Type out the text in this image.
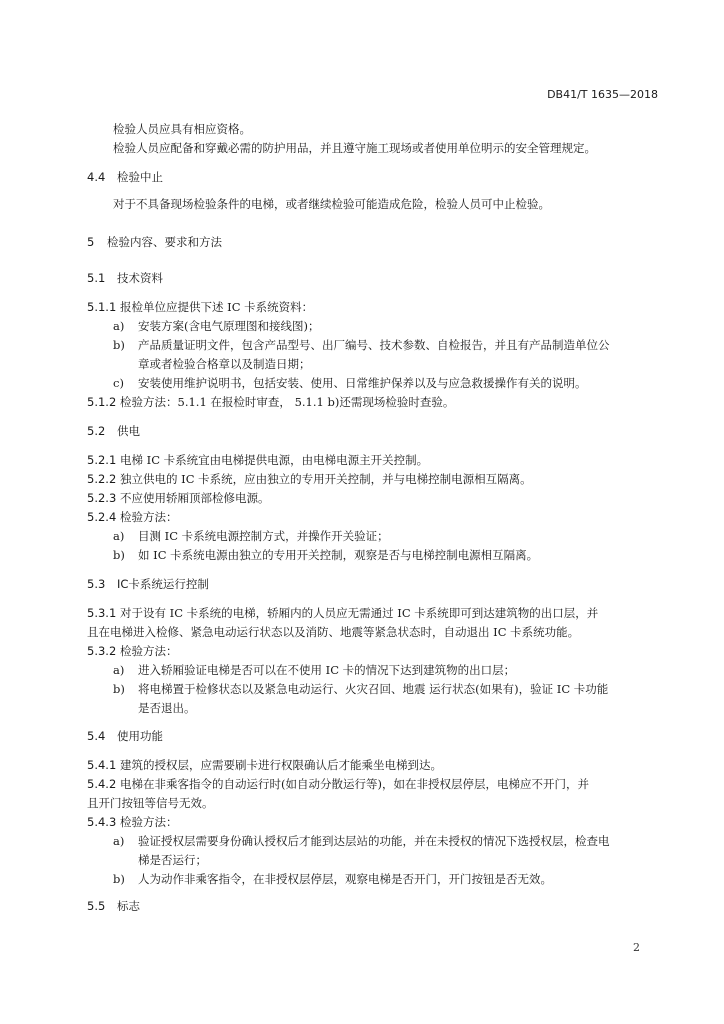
DB41/T 1635—2018
检验人员应具有相应资格。
检验人员应配备和穿戴必需的防护用品，并且遵守施工现场或者使用单位明示的安全管理规定。
4.4 检验中止
对于不具备现场检验条件的电梯，或者继续检验可能造成危险，检验人员可中止检验。
5 检验内容、要求和方法
5.1 技术资料
5.1.1 报检单位应提供下述 IC 卡系统资料：
a) 安装方案(含电气原理图和接线图)；
b) 产品质量证明文件，包含产品型号、出厂编号、技术参数、自检报告，并且有产品制造单位公
章或者检验合格章以及制造日期；
c) 安装使用维护说明书，包括安装、使用、日常维护保养以及与应急救援操作有关的说明。
5.1.2 检验方法：5.1.1 在报检时审查， 5.1.1 b)还需现场检验时查验。
5.2 供电
5.2.1 电梯 IC 卡系统宜由电梯提供电源，由电梯电源主开关控制。
5.2.2 独立供电的 IC 卡系统，应由独立的专用开关控制，并与电梯控制电源相互隔离。
5.2.3 不应使用轿厢顶部检修电源。
5.2.4 检验方法：
a) 目测 IC 卡系统电源控制方式，并操作开关验证；
b) 如 IC 卡系统电源由独立的专用开关控制，观察是否与电梯控制电源相互隔离。
5.3 IC卡系统运行控制
5.3.1 对于设有 IC 卡系统的电梯，轿厢内的人员应无需通过 IC 卡系统即可到达建筑物的出口层，并
且在电梯进入检修、紧急电动运行状态以及消防、地震等紧急状态时，自动退出 IC 卡系统功能。
5.3.2 检验方法：
a) 进入轿厢验证电梯是否可以在不使用 IC 卡的情况下达到建筑物的出口层；
b) 将电梯置于检修状态以及紧急电动运行、火灾召回、地震 运行状态(如果有)，验证 IC 卡功能
是否退出。
5.4 使用功能
5.4.1 建筑的授权层，应需要刷卡进行权限确认后才能乘坐电梯到达。
5.4.2 电梯在非乘客指令的自动运行时(如自动分散运行等)，如在非授权层停层，电梯应不开门，并
且开门按钮等信号无效。
5.4.3 检验方法：
a) 验证授权层需要身份确认授权后才能到达层站的功能，并在未授权的情况下选授权层，检查电
梯是否运行；
b) 人为动作非乘客指令，在非授权层停层，观察电梯是否开门，开门按钮是否无效。
5.5 标志
2
